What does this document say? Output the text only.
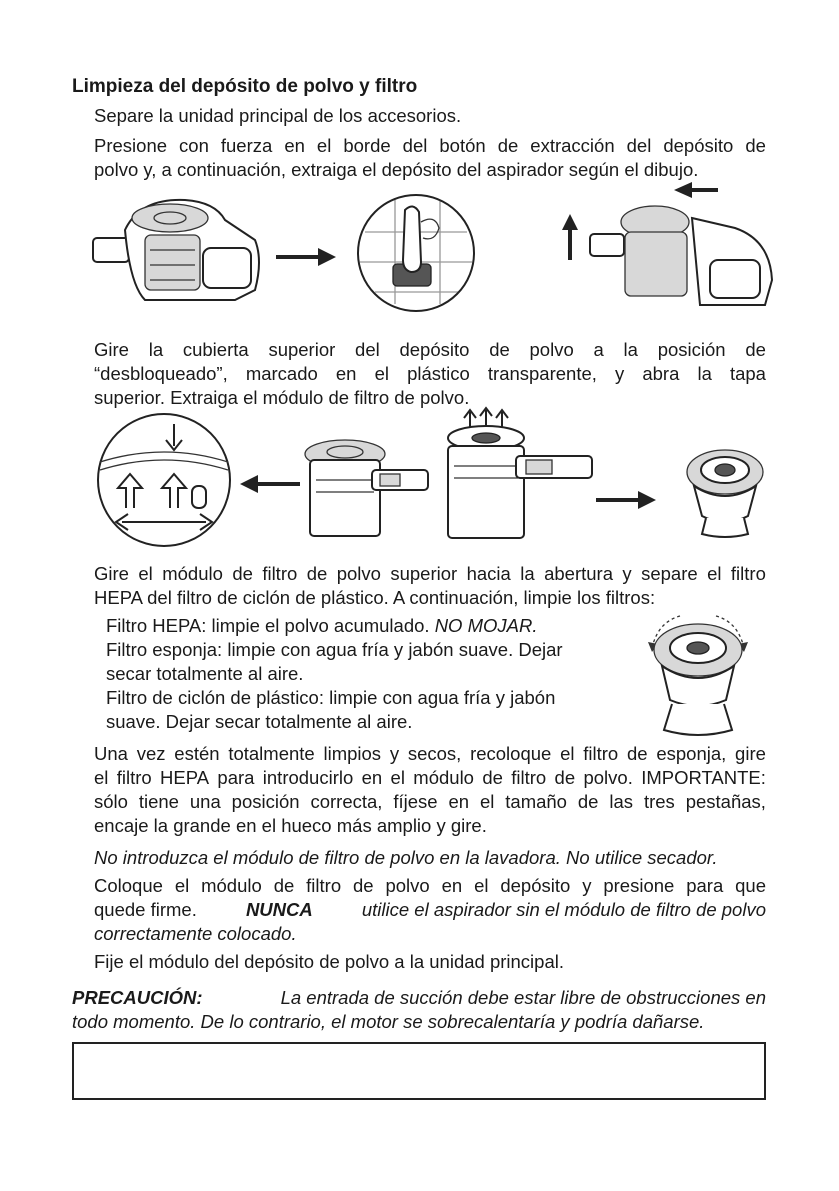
Limpieza del depósito de polvo y filtro
Separe la unidad principal de los accesorios.
Presione con fuerza en el borde del botón de extracción del depósito de
polvo y, a continuación, extraiga el depósito del aspirador según el dibujo.
Gire la cubierta superior del depósito de polvo a la posición de
“desbloqueado”, marcado en el plástico transparente, y abra la tapa
superior. Extraiga el módulo de filtro de polvo.
Gire el módulo de filtro de polvo superior hacia la abertura y separe el filtro
HEPA del filtro de ciclón de plástico. A continuación, limpie los filtros:
Filtro HEPA: limpie el polvo acumulado. NO MOJAR.
Filtro esponja: limpie con agua fría y jabón suave. Dejar
secar totalmente al aire.
Filtro de ciclón de plástico: limpie con agua fría y jabón
suave. Dejar secar totalmente al aire.
Una vez estén totalmente limpios y secos, recoloque el filtro de esponja, gire
el filtro HEPA para introducirlo en el módulo de filtro de polvo. IMPORTANTE:
sólo tiene una posición correcta, fíjese en el tamaño de las tres pestañas,
encaje la grande en el hueco más amplio y gire.
No introduzca el módulo de filtro de polvo en la lavadora. No utilice secador.
Coloque el módulo de filtro de polvo en el depósito y presione para que
quede firme.	NUNCA	utilice el aspirador sin el módulo de filtro de polvo
correctamente colocado.
Fije el módulo del depósito de polvo a la unidad principal.
PRECAUCIÓN:	La entrada de succión debe estar libre de obstrucciones en
todo momento. De lo contrario, el motor se sobrecalentaría y podría dañarse.
